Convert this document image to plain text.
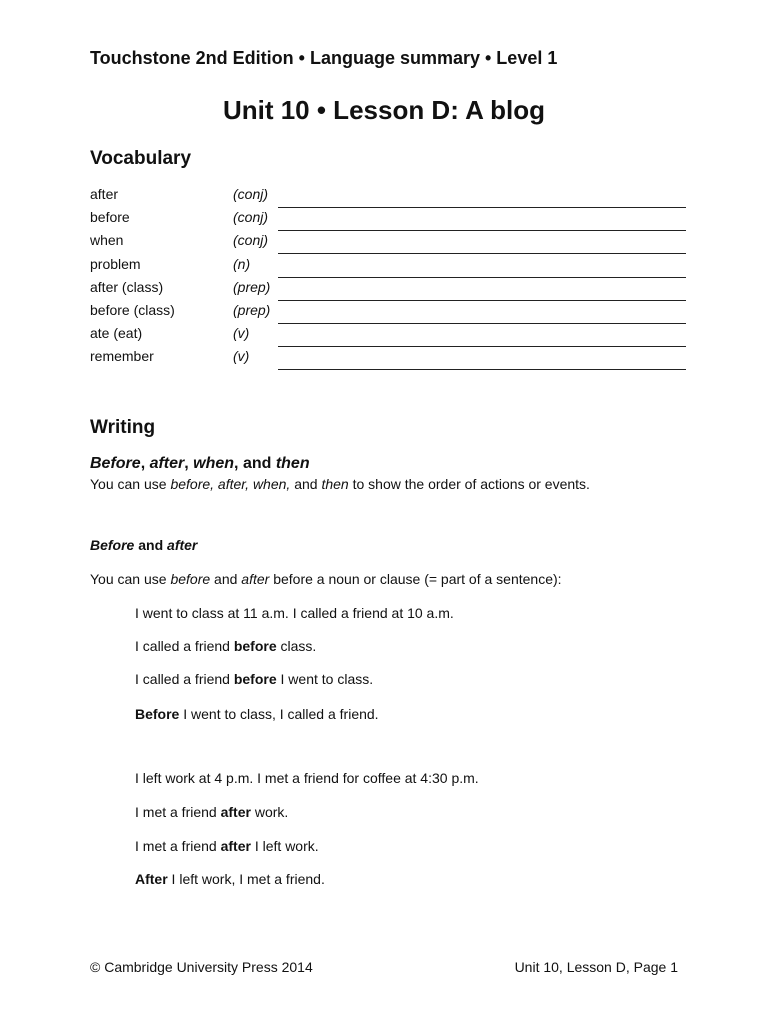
Touchstone 2nd Edition • Language summary • Level 1
Unit 10 • Lesson D: A blog
Vocabulary
after	(conj)
before	(conj)
when	(conj)
problem	(n)
after (class)	(prep)
before (class)	(prep)
ate (eat)	(v)
remember	(v)
Writing
Before, after, when, and then
You can use before, after, when, and then to show the order of actions or events.
Before and after
You can use before and after before a noun or clause (= part of a sentence):
I went to class at 11 a.m. I called a friend at 10 a.m.
I called a friend before class.
I called a friend before I went to class.
Before I went to class, I called a friend.
I left work at 4 p.m. I met a friend for coffee at 4:30 p.m.
I met a friend after work.
I met a friend after I left work.
After I left work, I met a friend.
© Cambridge University Press 2014	Unit 10, Lesson D, Page 1
